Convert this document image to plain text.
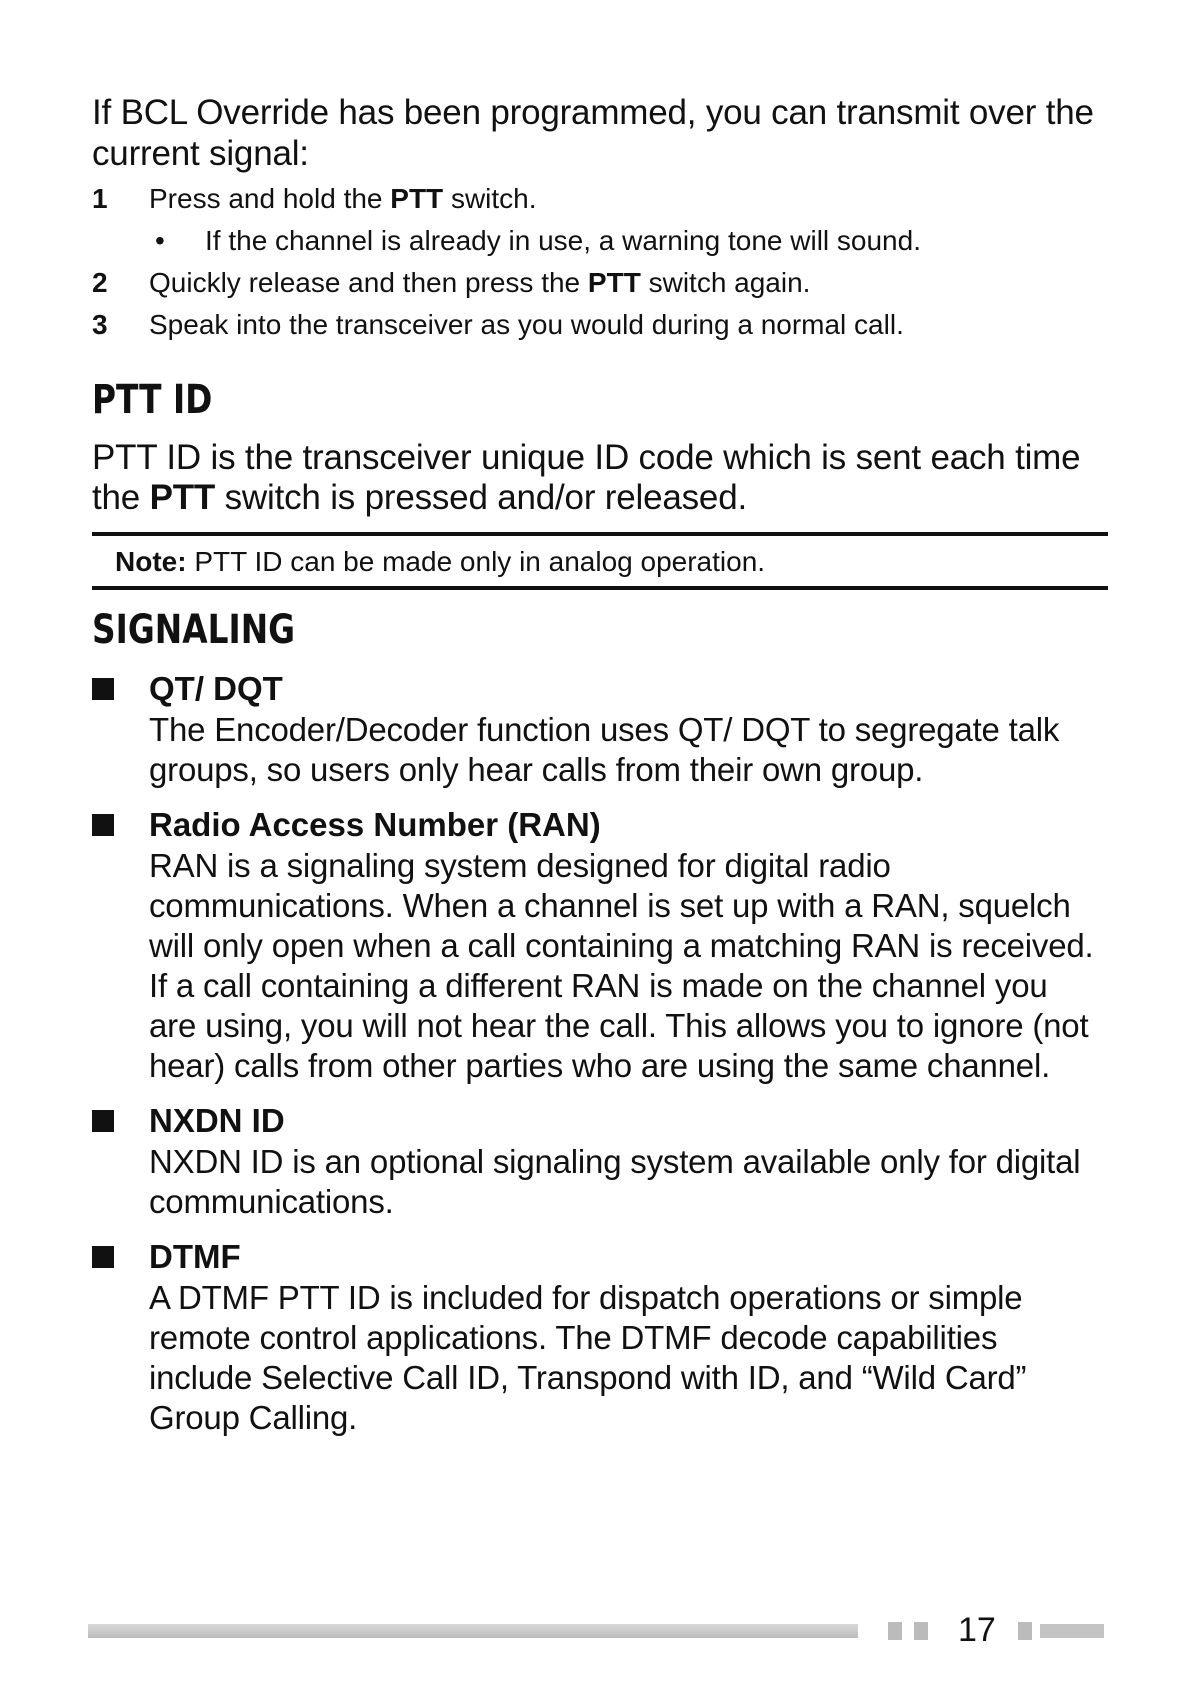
If BCL Override has been programmed, you can transmit over the current signal:

1	Press and hold the PTT switch.
•	If the channel is already in use, a warning tone will sound.
2	Quickly release and then press the PTT switch again.
3	Speak into the transceiver as you would during a normal call.
PTT ID

PTT ID is the transceiver unique ID code which is sent each time the PTT switch is pressed and/or released.

Note: PTT ID can be made only in analog operation.
SIGNALING
QT/ DQT
The Encoder/Decoder function uses QT/ DQT to segregate talk groups, so users only hear calls from their own group.
Radio Access Number (RAN)
RAN is a signaling system designed for digital radio communications. When a channel is set up with a RAN, squelch will only open when a call containing a matching RAN is received. If a call containing a different RAN is made on the channel you are using, you will not hear the call. This allows you to ignore (not hear) calls from other parties who are using the same channel.
NXDN ID
NXDN ID is an optional signaling system available only for digital communications.
DTMF
A DTMF PTT ID is included for dispatch operations or simple remote control applications. The DTMF decode capabilities include Selective Call ID, Transpond with ID, and “Wild Card” Group Calling.
17
